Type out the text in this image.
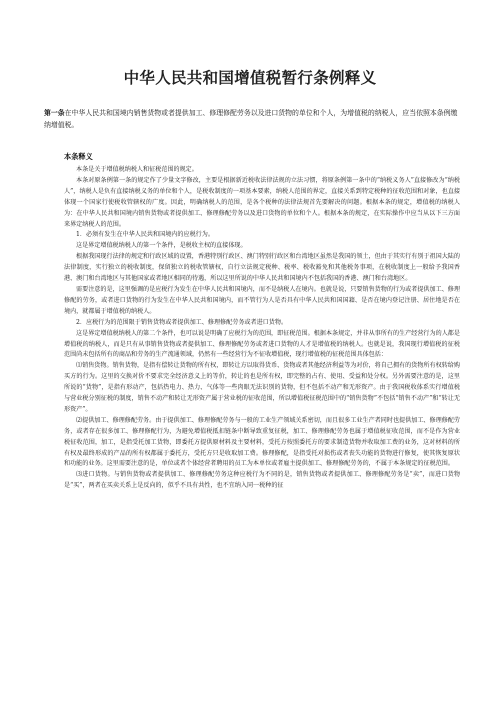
中华人民共和国增值税暂行条例释义
第一条在中华人民共和国境内销售货物或者提供加工、修理修配劳务以及进口货物的单位和个人，为增值税的纳税人，应当依照本条例缴纳增值税。
本条释义

本条是关于增值税纳税人和征税范围的规定。

本条对原条例第一条的规定作了少量文字修改，主要是根据新近税收法律法规的立法习惯，将原条例第一条中的“纳税义务人”直接修改为“纳税人”，纳税人是负有直接纳税义务的单位和个人，是税收制度的一项基本要素，纳税人范围的界定，直接关系到特定税种的征收范围和对象，也直接体现一个国家行使税收管辖权的广度。因此，明确纳税人的范围，是各个税种的法律法规首先要解决的问题。根据本条的规定，增值税的纳税人为：在中华人民共和国境内销售货物或者提供加工、修理修配劳务以及进口货物的单位和个人。根据本条的规定，在实际操作中应当从以下三方面来界定纳税人的范围。

1．必须有发生在中华人民共和国境内的应税行为。

这是界定增值税纳税人的第一个条件，是税收主权的直接体现。

根据我国现行法律的规定和行政区域的设置，香港特别行政区、澳门特别行政区和台湾地区虽然是我国的领土，但由于其实行有别于祖国大陆的法律制度，实行独立的税收制度，保留独立的税收管辖权，自行立法规定税种、税率、税收豁免和其他税务事项，在税收制度上一般给予我国香港、澳门和台湾地区与其他国家或者地区相同的待遇，所以这里所说的中华人民共和国境内不包括我国的香港、澳门和台湾地区。

需要注意的是，这里强调的是应税行为发生在中华人民共和国境内，而不是纳税人在境内。也就是说，只要销售货物的行为或者提供加工、修理修配的劳务，或者进口货物的行为发生在中华人民共和国境内，而不管行为人是否具有中华人民共和国国籍、是否在境内登记注册、居住地是否在境内，就都属于增值税的纳税人。

2．应税行为的范围限于销售货物或者提供加工、修理修配劳务或者进口货物。

这是界定增值税纳税人的第二个条件，也可以说是明确了应税行为的范围，即征税范围。根据本条规定，并非从事所有的生产经营行为的人都是增值税的纳税人，而是只有从事销售货物或者提供加工、修理修配劳务或者进口货物的人才是增值税的纳税人。也就是说，我国现行增值税的征税范围尚未包括所有的商品和劳务的生产流通领域，仍然有一些经营行为不征收增值税，现行增值税的征税范围具体包括：

⑴销售货物。销售货物，是指有偿转让货物的所有权，即转让方以取得货币、货物或者其他经济利益等为对价，将自己拥有的货物所有权转给购买方的行为。这里的交换对价不要求完全经济意义上的等价，转让的也是所有权，即完整的占有、使用、受益和处分权。另外需要注意的是，这里所说的“货物”，是指有形动产，包括热电力、热力、气体等一些肉眼无法识别的货物，但不包括不动产和无形资产。由于我国税收体系实行增值税与营业税分别征税的制度，销售不动产和转让无形资产属于营业税的征收范围，所以增值税征税范围中的“销售货物”不包括“销售不动产”和“转让无形资产”。

⑵提供加工、修理修配劳务。由于提供加工、修理修配劳务与一般的工业生产领域关系密切，而且很多工业生产者同时也提供加工、修理修配劳务，或者存在很多加工、修理修配行为，为避免增值税抵扣链条中断导致重复征税，加工、修理修配劳务也属于增值税征收范围，而不是作为营业税征收范围，加工，是指受托加工货物，即委托方提供原材料及主要材料，受托方按照委托方的要求制造货物并收取加工费的业务，这对材料的所有权及最终形成的产品的所有权都属于委托方，受托方只是收取加工费。修理修配，是指受托对损伤或者丧失功能的货物进行修复，使其恢复原状和功能的业务。这里需要注意的是，单位或者个体经营者聘用的员工为本单位或者雇主提供加工、修理修配劳务的，不属于本条规定的征税范围。

⑶进口货物。与销售货物或者提供加工、修理修配劳务这种应税行为不同的是，销售货物或者提供加工、修理修配劳务是“卖”，而进口货物是“买”，两者在买卖关系上是反向的，似乎不具有共性，也不宜纳入同一税种的征
